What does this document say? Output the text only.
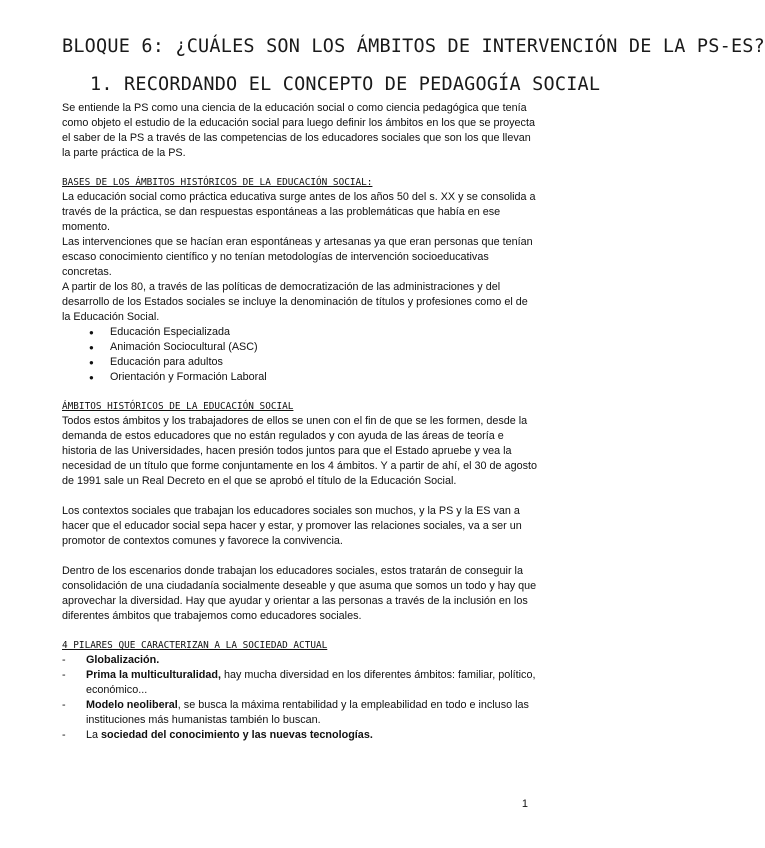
BLOQUE 6: ¿CUÁLES SON LOS ÁMBITOS DE INTERVENCIÓN DE LA PS-ES?
1. RECORDANDO EL CONCEPTO DE PEDAGOGÍA SOCIAL

Se entiende la PS como una ciencia de la educación social o como ciencia pedagógica que tenía como objeto el estudio de la educación social para luego definir los ámbitos en los que se proyecta el saber de la PS a través de las competencias de los educadores sociales que son los que llevan la parte práctica de la PS.

BASES DE LOS ÁMBITOS HISTÓRICOS DE LA EDUCACIÓN SOCIAL:

La educación social como práctica educativa surge antes de los años 50 del s. XX y se consolida a través de la práctica, se dan respuestas espontáneas a las problemáticas que había en ese momento.

Las intervenciones que se hacían eran espontáneas y artesanas ya que eran personas que tenían escaso conocimiento científico y no tenían metodologías de intervención socioeducativas concretas.

A partir de los 80, a través de las políticas de democratización de las administraciones y del desarrollo de los Estados sociales se incluye la denominación de títulos y profesiones como el de la Educación Social.

● Educación Especializada
● Animación Sociocultural (ASC)
● Educación para adultos
● Orientación y Formación Laboral
ÁMBITOS HISTÓRICOS DE LA EDUCACIÓN SOCIAL

Todos estos ámbitos y los trabajadores de ellos se unen con el fin de que se les formen, desde la demanda de estos educadores que no están regulados y con ayuda de las áreas de teoría e historia de las Universidades, hacen presión todos juntos para que el Estado apruebe y vea la necesidad de un título que forme conjuntamente en los 4 ámbitos. Y a partir de ahí, el 30 de agosto de 1991 sale un Real Decreto en el que se aprobó el título de la Educación Social.

Los contextos sociales que trabajan los educadores sociales son muchos, y la PS y la ES van a hacer que el educador social sepa hacer y estar, y promover las relaciones sociales, va a ser un promotor de contextos comunes y favorece la convivencia.

Dentro de los escenarios donde trabajan los educadores sociales, estos tratarán de conseguir la consolidación de una ciudadanía socialmente deseable y que asuma que somos un todo y hay que aprovechar la diversidad. Hay que ayudar y orientar a las personas a través de la inclusión en los diferentes ámbitos que trabajemos como educadores sociales.

4 PILARES QUE CARACTERIZAN A LA SOCIEDAD ACTUAL
- Globalización.
- Prima la multiculturalidad, hay mucha diversidad en los diferentes ámbitos: familiar, político, económico...
- Modelo neoliberal, se busca la máxima rentabilidad y la empleabilidad en todo e incluso las instituciones más humanistas también lo buscan.
- La sociedad del conocimiento y las nuevas tecnologías.
1
